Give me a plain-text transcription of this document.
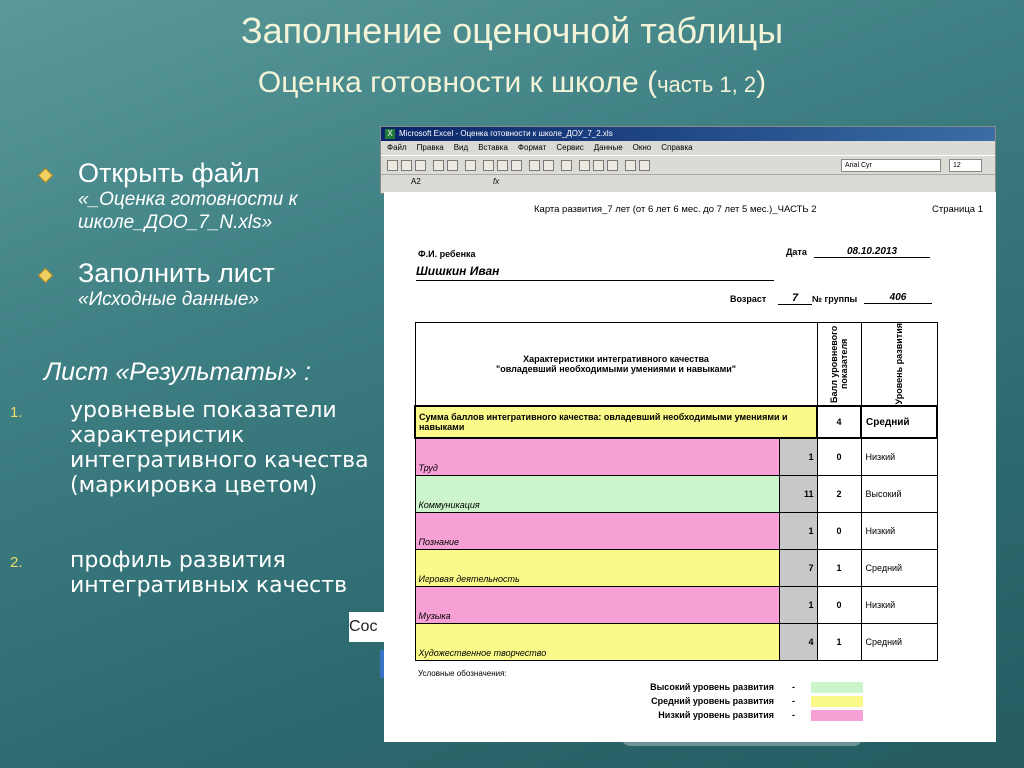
Заполнение оценочной таблицы
Оценка готовности к школе (часть 1, 2)
Открыть файл
«_Оценка готовности к школе_ДОО_7_N.xls»
Заполнить лист
«Исходные данные»
Лист «Результаты» :
1. уровневые показатели характеристик интегративного качества (маркировка цветом)
2. профиль развития интегративных качеств
Сос
X Microsoft Excel - Оценка готовности к школе_ДОУ_7_2.xls
Файл Правка Вид Вставка Формат Сервис Данные Окно Справка
Arial Cyr	12
A2	fx
Карта развития_7 лет (от 6 лет 6 мес. до 7 лет 5 мес.)_ЧАСТЬ 2	Страница 1
Ф.И. ребенка
Шишкин Иван
Дата	08.10.2013
Возраст	7	№ группы	406
Характеристики интегративного качества
"овладевший необходимыми умениями и навыками"		Балл уровневого показателя	Уровень развития

Сумма баллов интегративного качества: овладевший необходимыми умениями и навыками		4	Средний
Труд	1	0	Низкий
Коммуникация	11	2	Высокий
Познание	1	0	Низкий
Игровая деятельность	7	1	Средний
Музыка	1	0	Низкий
Художественное творчество	4	1	Средний
Условные обозначения:
Высокий уровень развития -
Средний уровень развития -
Низкий уровень развития -
